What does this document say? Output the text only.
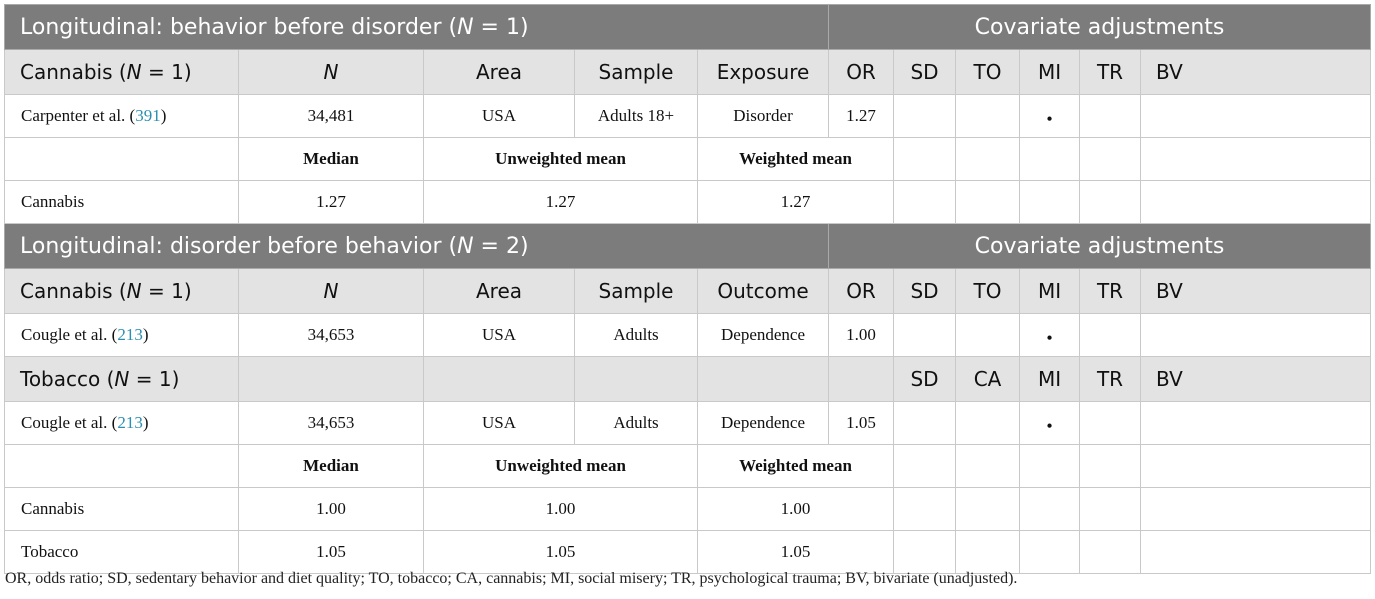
Longitudinal: behavior before disorder (N = 1)					Covariate adjustments					
Cannabis (N = 1)	N	Area	Sample	Exposure	OR	SD	TO	MI	TR	BV
Carpenter et al. (391)	34,481	USA	Adults 18+	Disorder	1.27			•		
	Median	Unweighted mean		Weighted mean						
Cannabis	1.27	1.27		1.27						
Longitudinal: disorder before behavior (N = 2)					Covariate adjustments					
Cannabis (N = 1)	N	Area	Sample	Outcome	OR	SD	TO	MI	TR	BV
Cougle et al. (213)	34,653	USA	Adults	Dependence	1.00			•		
Tobacco (N = 1)						SD	CA	MI	TR	BV
Cougle et al. (213)	34,653	USA	Adults	Dependence	1.05			•		
	Median	Unweighted mean		Weighted mean						
Cannabis	1.00	1.00		1.00						
Tobacco	1.05	1.05		1.05						
OR, odds ratio; SD, sedentary behavior and diet quality; TO, tobacco; CA, cannabis; MI, social misery; TR, psychological trauma; BV, bivariate (unadjusted).
